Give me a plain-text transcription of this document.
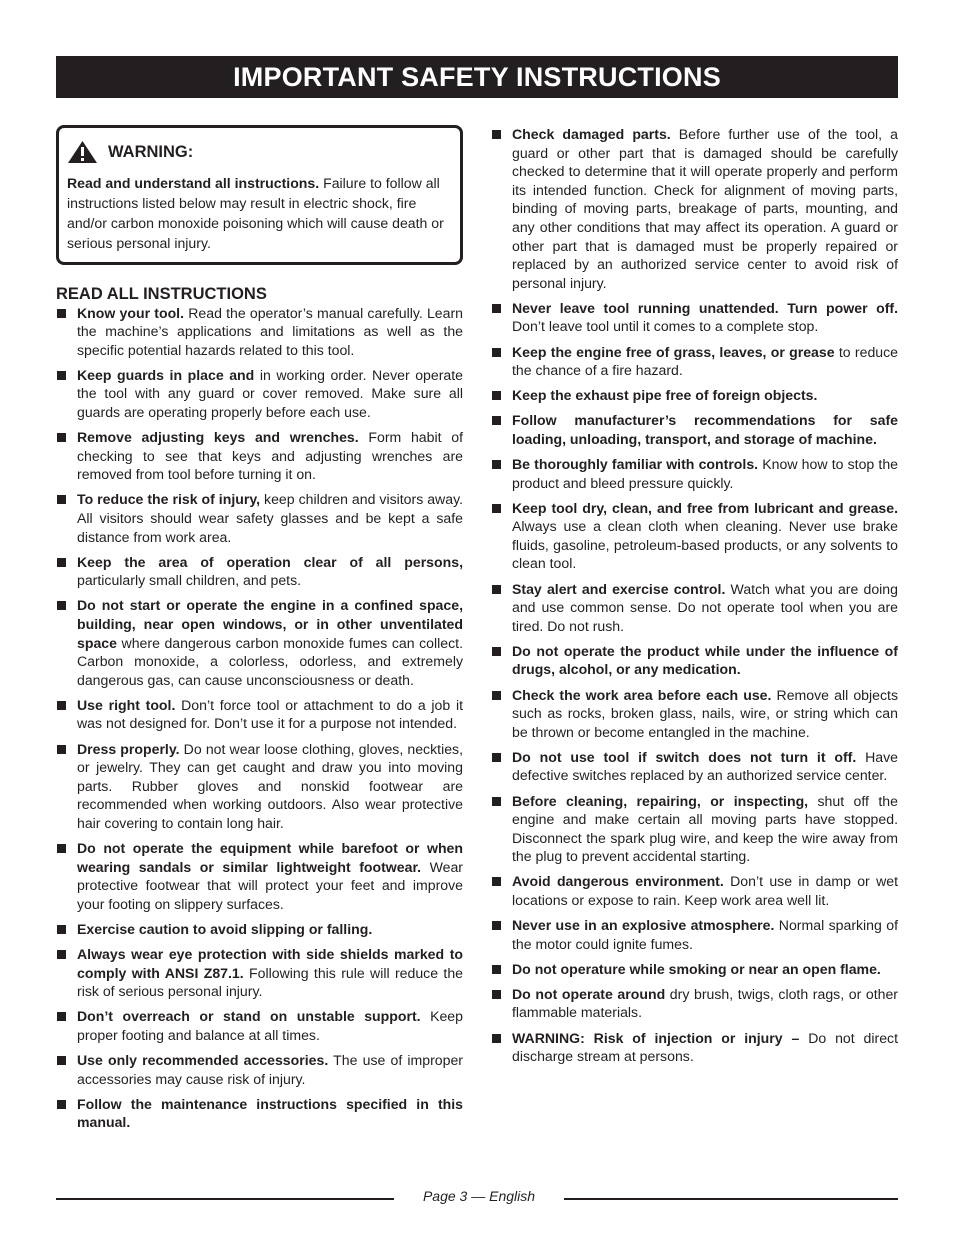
IMPORTANT SAFETY INSTRUCTIONS
WARNING:
Read and understand all instructions. Failure to follow all instructions listed below may result in electric shock, fire and/or carbon monoxide poisoning which will cause death or serious personal injury.
READ ALL INSTRUCTIONS
Know your tool. Read the operator’s manual carefully. Learn the machine’s applications and limitations as well as the specific potential hazards related to this tool.
Keep guards in place and in working order. Never operate the tool with any guard or cover removed. Make sure all guards are operating properly before each use.
Remove adjusting keys and wrenches. Form habit of checking to see that keys and adjusting wrenches are removed from tool before turning it on.
To reduce the risk of injury, keep children and visitors away. All visitors should wear safety glasses and be kept a safe distance from work area.
Keep the area of operation clear of all persons, particularly small children, and pets.
Do not start or operate the engine in a confined space, building, near open windows, or in other unventilated space where dangerous carbon monoxide fumes can collect. Carbon monoxide, a colorless, odorless, and extremely dangerous gas, can cause unconsciousness or death.
Use right tool. Don’t force tool or attachment to do a job it was not designed for. Don’t use it for a purpose not intended.
Dress properly. Do not wear loose clothing, gloves, neckties, or jewelry. They can get caught and draw you into moving parts. Rubber gloves and nonskid footwear are recommended when working outdoors. Also wear protective hair covering to contain long hair.
Do not operate the equipment while barefoot or when wearing sandals or similar lightweight footwear. Wear protective footwear that will protect your feet and improve your footing on slippery surfaces.
Exercise caution to avoid slipping or falling.
Always wear eye protection with side shields marked to comply with ANSI Z87.1. Following this rule will reduce the risk of serious personal injury.
Don’t overreach or stand on unstable support. Keep proper footing and balance at all times.
Use only recommended accessories. The use of improper accessories may cause risk of injury.
Follow the maintenance instructions specified in this manual.
Check damaged parts. Before further use of the tool, a guard or other part that is damaged should be carefully checked to determine that it will operate properly and perform its intended function. Check for alignment of moving parts, binding of moving parts, breakage of parts, mounting, and any other conditions that may affect its operation. A guard or other part that is damaged must be properly repaired or replaced by an authorized service center to avoid risk of personal injury.
Never leave tool running unattended. Turn power off. Don’t leave tool until it comes to a complete stop.
Keep the engine free of grass, leaves, or grease to reduce the chance of a fire hazard.
Keep the exhaust pipe free of foreign objects.
Follow manufacturer’s recommendations for safe loading, unloading, transport, and storage of machine.
Be thoroughly familiar with controls. Know how to stop the product and bleed pressure quickly.
Keep tool dry, clean, and free from lubricant and grease. Always use a clean cloth when cleaning. Never use brake fluids, gasoline, petroleum-based products, or any solvents to clean tool.
Stay alert and exercise control. Watch what you are doing and use common sense. Do not operate tool when you are tired. Do not rush.
Do not operate the product while under the influence of drugs, alcohol, or any medication.
Check the work area before each use. Remove all objects such as rocks, broken glass, nails, wire, or string which can be thrown or become entangled in the machine.
Do not use tool if switch does not turn it off. Have defective switches replaced by an authorized service center.
Before cleaning, repairing, or inspecting, shut off the engine and make certain all moving parts have stopped. Disconnect the spark plug wire, and keep the wire away from the plug to prevent accidental starting.
Avoid dangerous environment. Don’t use in damp or wet locations or expose to rain. Keep work area well lit.
Never use in an explosive atmosphere. Normal sparking of the motor could ignite fumes.
Do not operature while smoking or near an open flame.
Do not operate around dry brush, twigs, cloth rags, or other flammable materials.
WARNING: Risk of injection or injury – Do not direct discharge stream at persons.
Page 3 — English
